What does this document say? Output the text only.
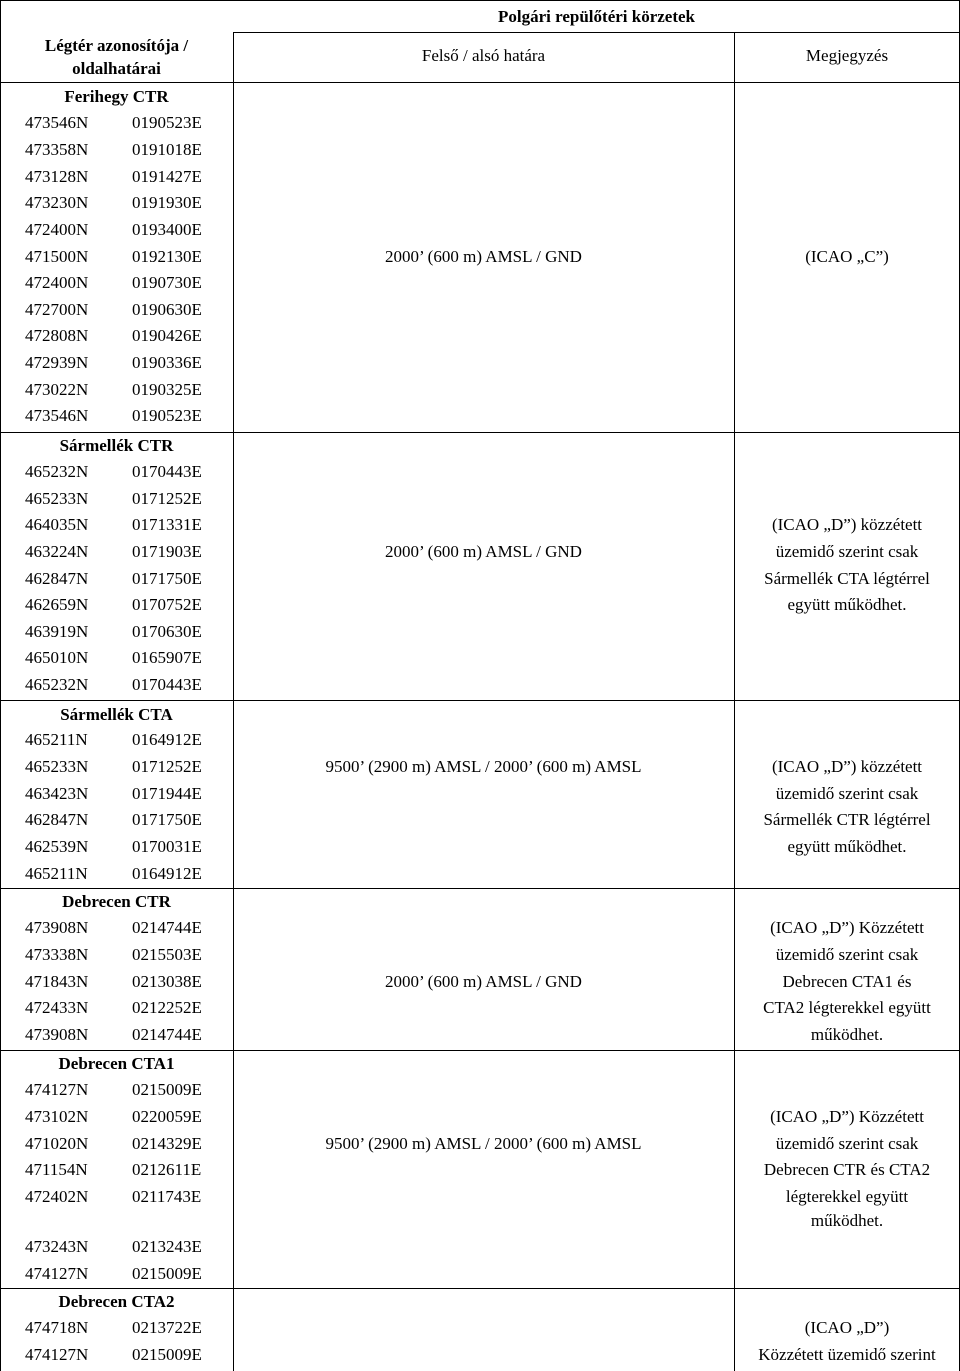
Polgári repülőtéri körzetek
Légtér azonosítója /
oldalhatárai
Felső / alsó határa	Megjegyzés
Ferihegy CTR
473546N	0190523E
473358N	0191018E
473128N	0191427E
473230N	0191930E
472400N	0193400E
471500N	0192130E
472400N	0190730E
472700N	0190630E
472808N	0190426E
472939N	0190336E
473022N	0190325E
473546N	0190523E
2000’ (600 m) AMSL / GND	(ICAO „C”)
Sármellék CTR
465232N	0170443E
465233N	0171252E
464035N	0171331E
463224N	0171903E
462847N	0171750E
462659N	0170752E
463919N	0170630E
465010N	0165907E
465232N	0170443E
2000’ (600 m) AMSL / GND
(ICAO „D”) közzétett
üzemidő szerint csak
Sármellék CTA légtérrel
együtt működhet.
Sármellék CTA
465211N	0164912E
465233N	0171252E
463423N	0171944E
462847N	0171750E
462539N	0170031E
465211N	0164912E
9500’ (2900 m) AMSL / 2000’ (600 m) AMSL	(ICAO „D”) közzétett
üzemidő szerint csak
Sármellék CTR légtérrel
együtt működhet.
Debrecen CTR
473908N	0214744E
473338N	0215503E
471843N	0213038E
472433N	0212252E
473908N	0214744E
2000’ (600 m) AMSL / GND
(ICAO „D”) Közzétett
üzemidő szerint csak
Debrecen CTA1 és
CTA2 légterekkel együtt
működhet.
Debrecen CTA1
474127N	0215009E
473102N	0220059E
471020N	0214329E
471154N	0212611E
472402N	0211743E
473243N	0213243E
474127N	0215009E
9500’ (2900 m) AMSL / 2000’ (600 m) AMSL
(ICAO „D”) Közzétett
üzemidő szerint csak
Debrecen CTR és CTA2
légterekkel együtt
működhet.
Debrecen CTA2
474718N	0213722E
474127N	0215009E
(ICAO „D”)
Közzétett üzemidő szerint
